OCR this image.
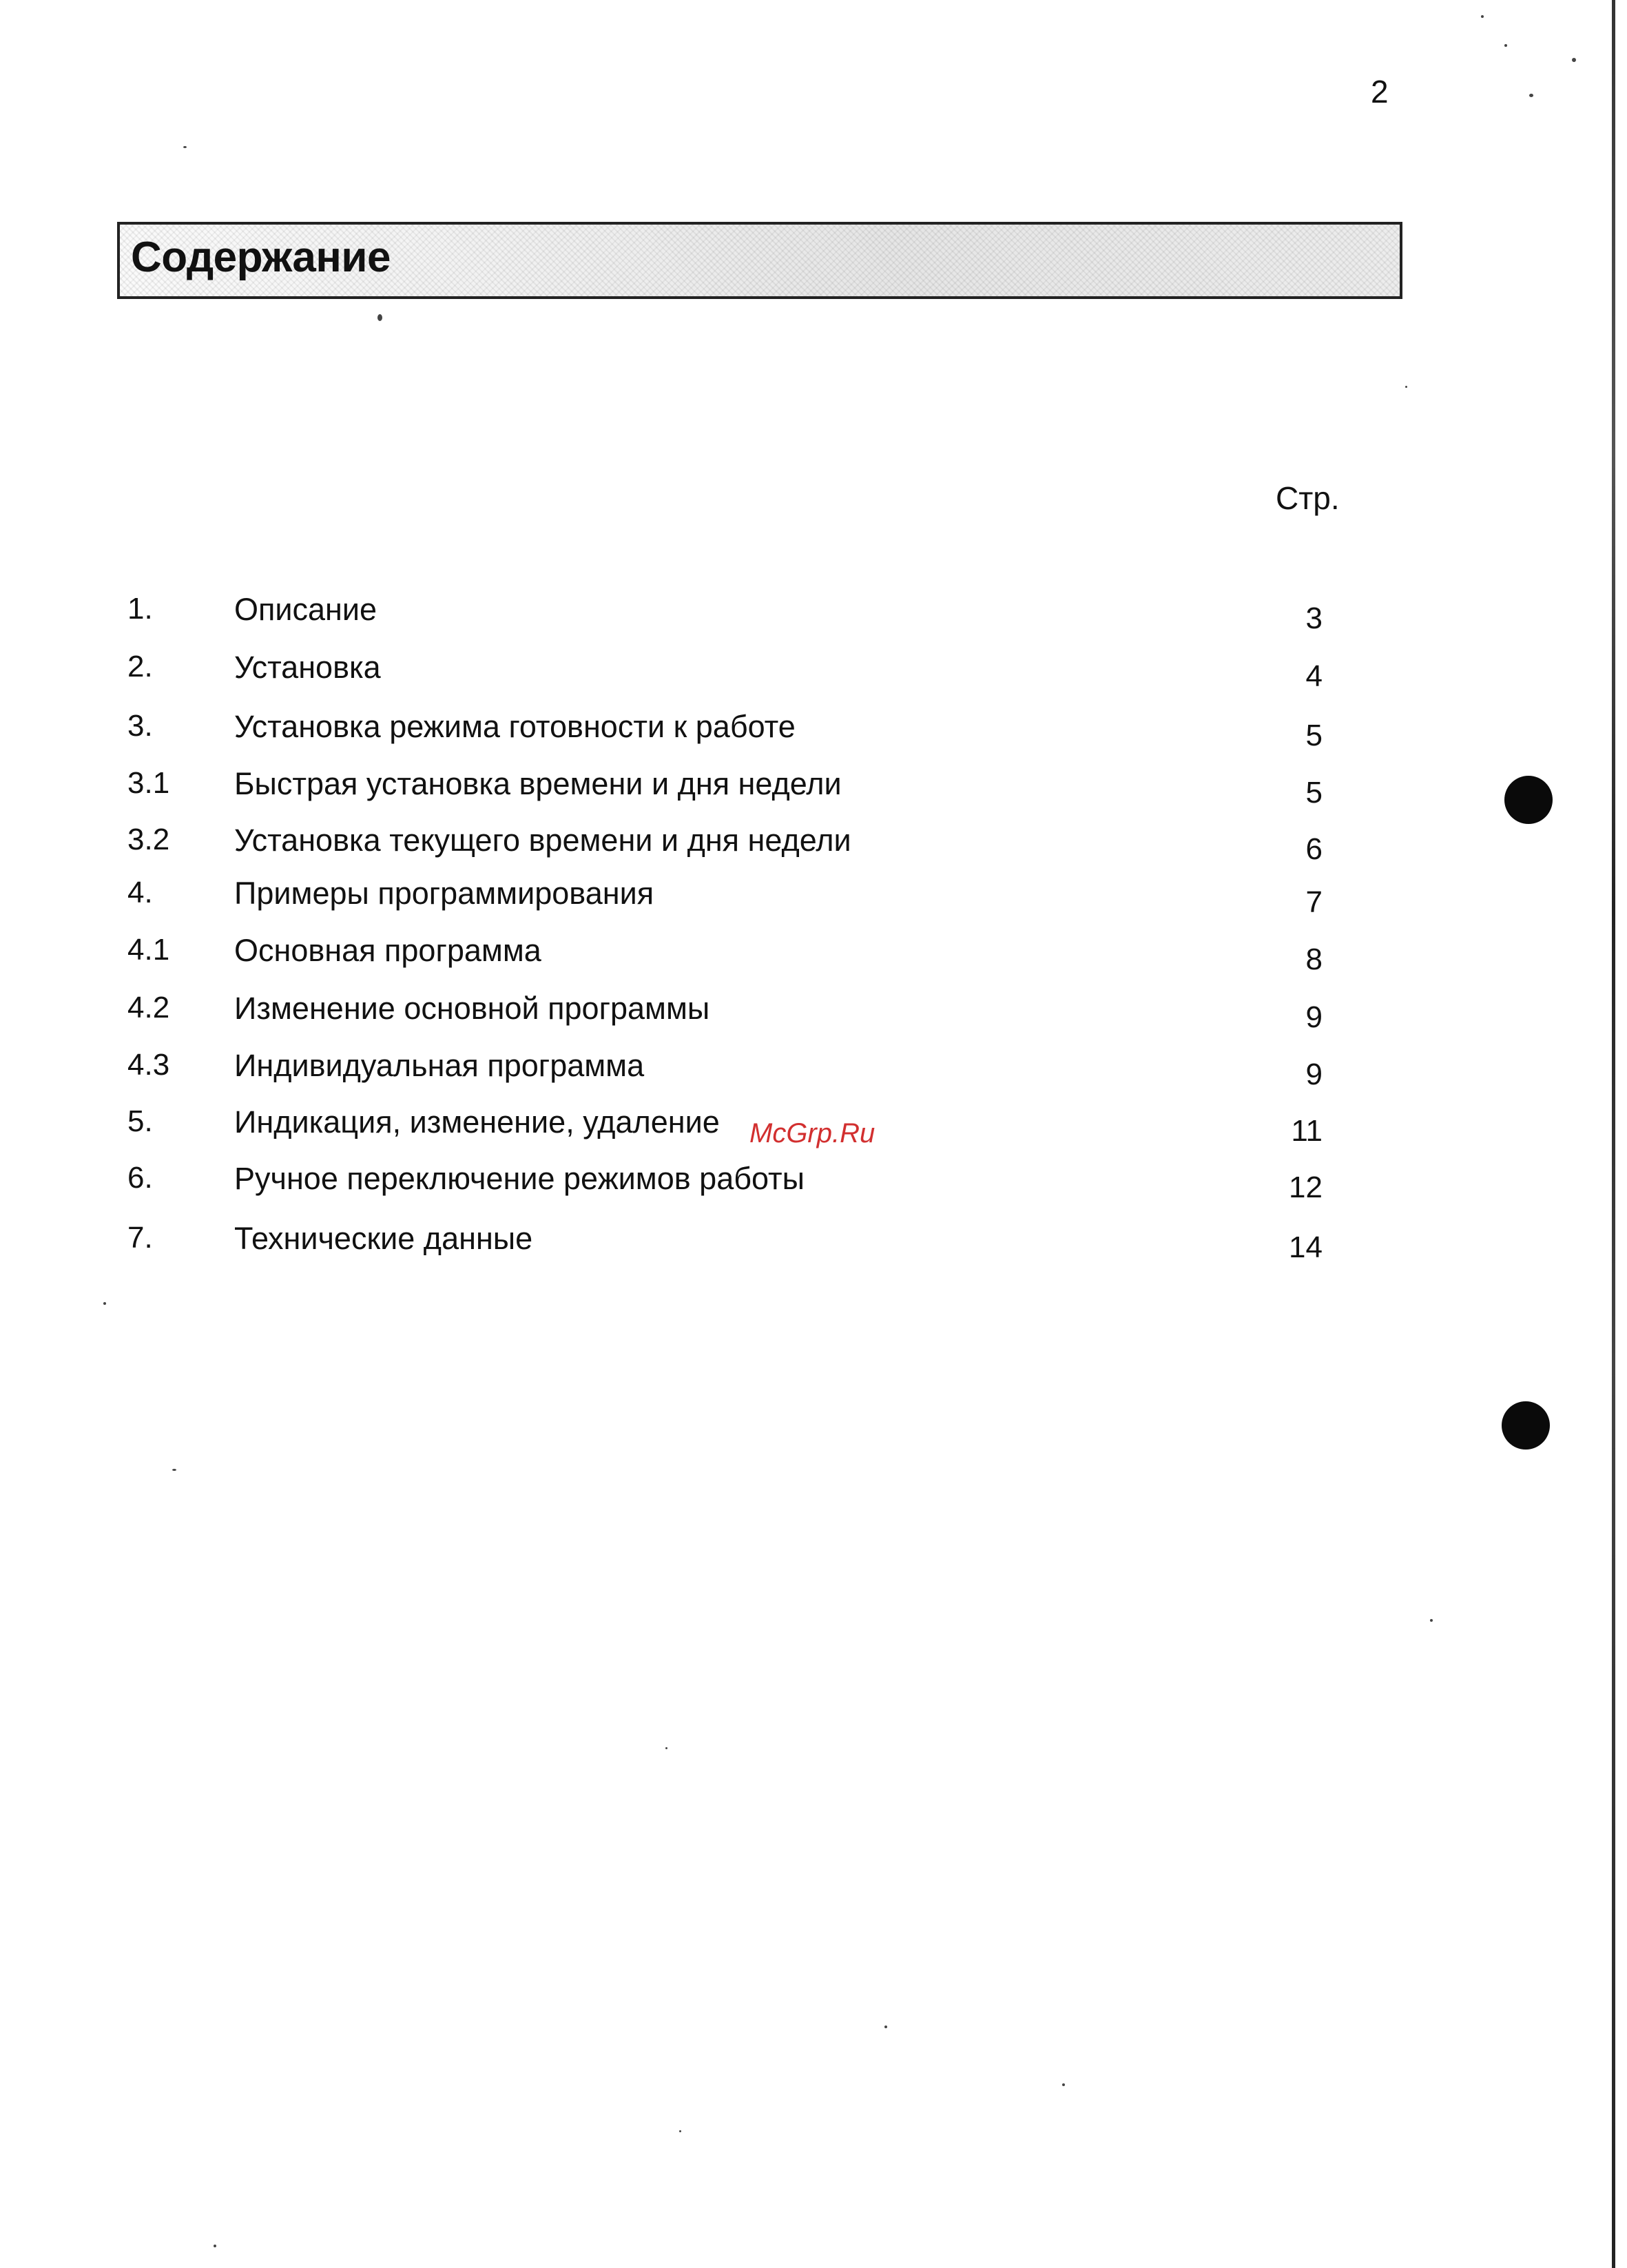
2
Содержание
Стр.
1.	Описание	3
2.	Установка	4
3.	Установка режима готовности к работе	5
3.1 Быстрая установка времени и дня недели	5
3.2 Установка текущего времени и дня недели	6
4.	Примеры программирования	7
4.1 Основная программа	8
4.2 Изменение основной программы	9
4.3 Индивидуальная программа	9
5.	Индикация, изменение, удаление	11
6.	Ручное переключение режимов работы	12
7.	Технические данные	14
McGrp.Ru
